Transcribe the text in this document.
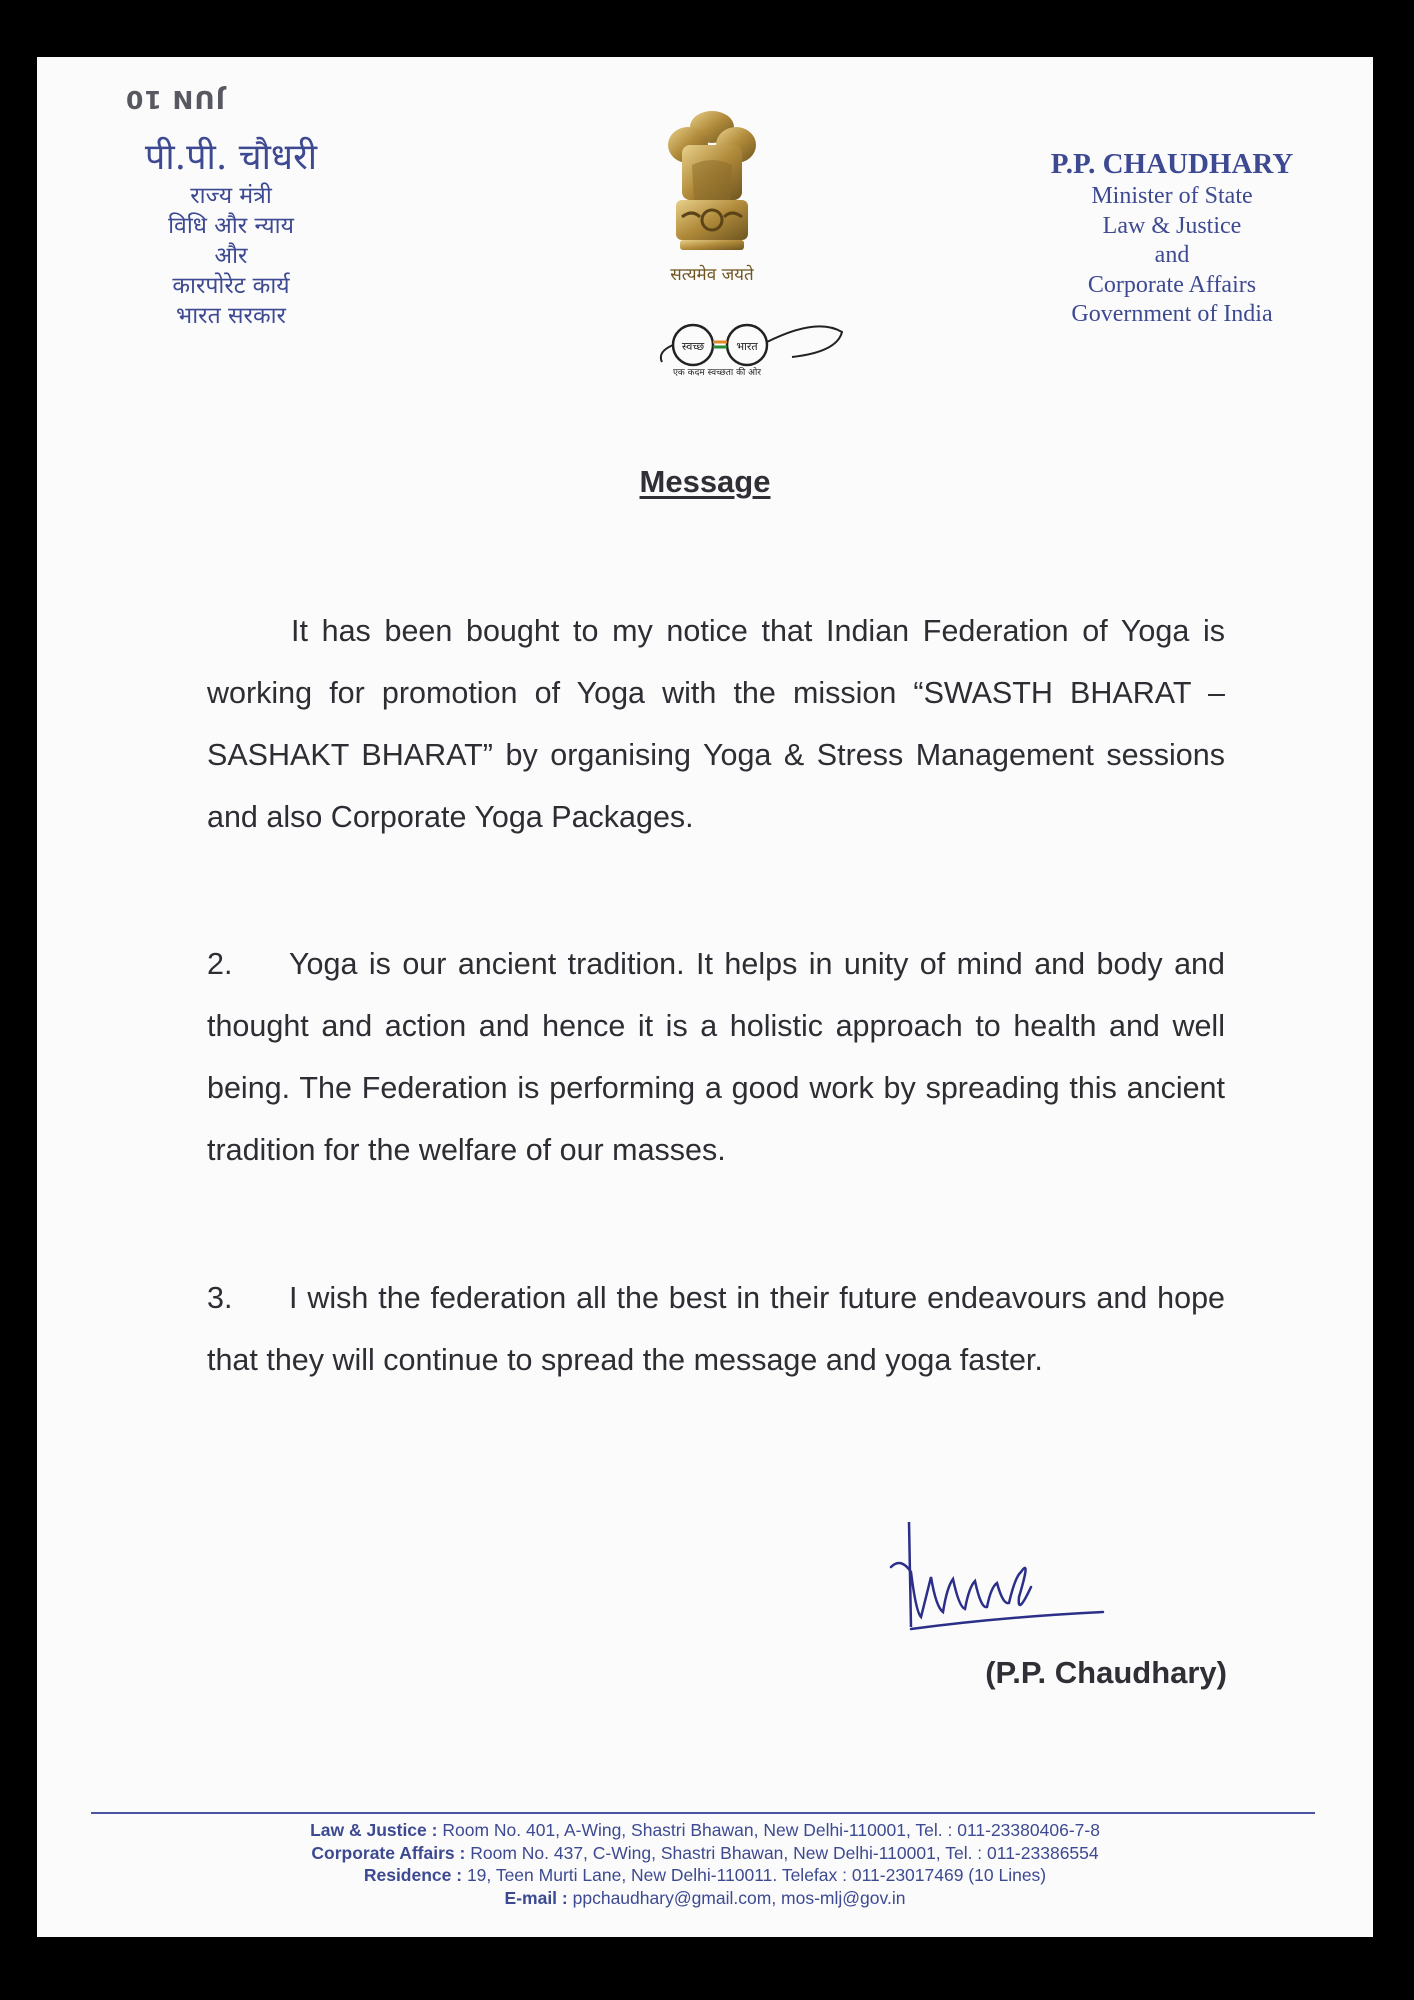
JUN 10
पी.पी. चौधरी
राज्य मंत्री
विधि और न्याय
और
कारपोरेट कार्य
भारत सरकार
सत्यमेव जयते
स्वच्छ	भारत
एक कदम स्वच्छता की ओर
P.P. CHAUDHARY
Minister of State
Law & Justice
and
Corporate Affairs
Government of India
Message
It has been bought to my notice that Indian Federation of Yoga is working for promotion of Yoga with the mission “SWASTH BHARAT – SASHAKT BHARAT” by organising Yoga & Stress Management sessions and also Corporate Yoga Packages.
2. Yoga is our ancient tradition. It helps in unity of mind and body and thought and action and hence it is a holistic approach to health and well being. The Federation is performing a good work by spreading this ancient tradition for the welfare of our masses.
3. I wish the federation all the best in their future endeavours and hope that they will continue to spread the message and yoga faster.
(P.P. Chaudhary)
Law & Justice : Room No. 401, A-Wing, Shastri Bhawan, New Delhi-110001, Tel. : 011-23380406-7-8
Corporate Affairs : Room No. 437, C-Wing, Shastri Bhawan, New Delhi-110001, Tel. : 011-23386554
Residence : 19, Teen Murti Lane, New Delhi-110011. Telefax : 011-23017469 (10 Lines)
E-mail : ppchaudhary@gmail.com, mos-mlj@gov.in
